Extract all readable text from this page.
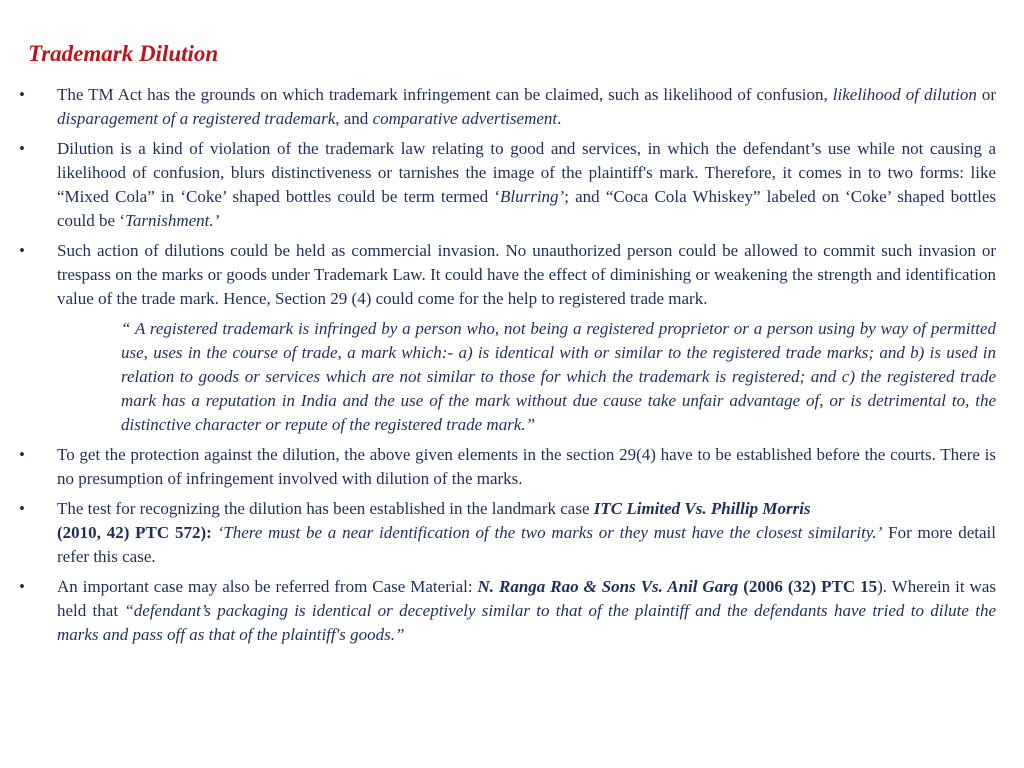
Trademark Dilution
• The TM Act has the grounds on which trademark infringement can be claimed, such as likelihood of confusion, likelihood of dilution or disparagement of a registered trademark, and comparative advertisement.
• Dilution is a kind of violation of the trademark law relating to good and services, in which the defendant’s use while not causing a likelihood of confusion, blurs distinctiveness or tarnishes the image of the plaintiff's mark. Therefore, it comes in to two forms: like “Mixed Cola” in ‘Coke’ shaped bottles could be term termed ‘Blurring’; and “Coca Cola Whiskey” labeled on ‘Coke’ shaped bottles could be ‘Tarnishment.’
• Such action of dilutions could be held as commercial invasion. No unauthorized person could be allowed to commit such invasion or trespass on the marks or goods under Trademark Law. It could have the effect of diminishing or weakening the strength and identification value of the trade mark. Hence, Section 29 (4) could come for the help to registered trade mark.
“ A registered trademark is infringed by a person who, not being a registered proprietor or a person using by way of permitted use, uses in the course of trade, a mark which:- a) is identical with or similar to the registered trade marks; and b) is used in relation to goods or services which are not similar to those for which the trademark is registered; and c) the registered trade mark has a reputation in India and the use of the mark without due cause take unfair advantage of, or is detrimental to, the distinctive character or repute of the registered trade mark.”
• To get the protection against the dilution, the above given elements in the section 29(4) have to be established before the courts. There is no presumption of infringement involved with dilution of the marks.
• The test for recognizing the dilution has been established in the landmark case ITC Limited Vs. Phillip Morris
(2010, 42) PTC 572): ‘There must be a near identification of the two marks or they must have the closest similarity.’ For more detail refer this case.
• An important case may also be referred from Case Material: N. Ranga Rao & Sons Vs. Anil Garg (2006 (32) PTC 15). Wherein it was held that “defendant’s packaging is identical or deceptively similar to that of the plaintiff and the defendants have tried to dilute the marks and pass off as that of the plaintiff's goods.”
